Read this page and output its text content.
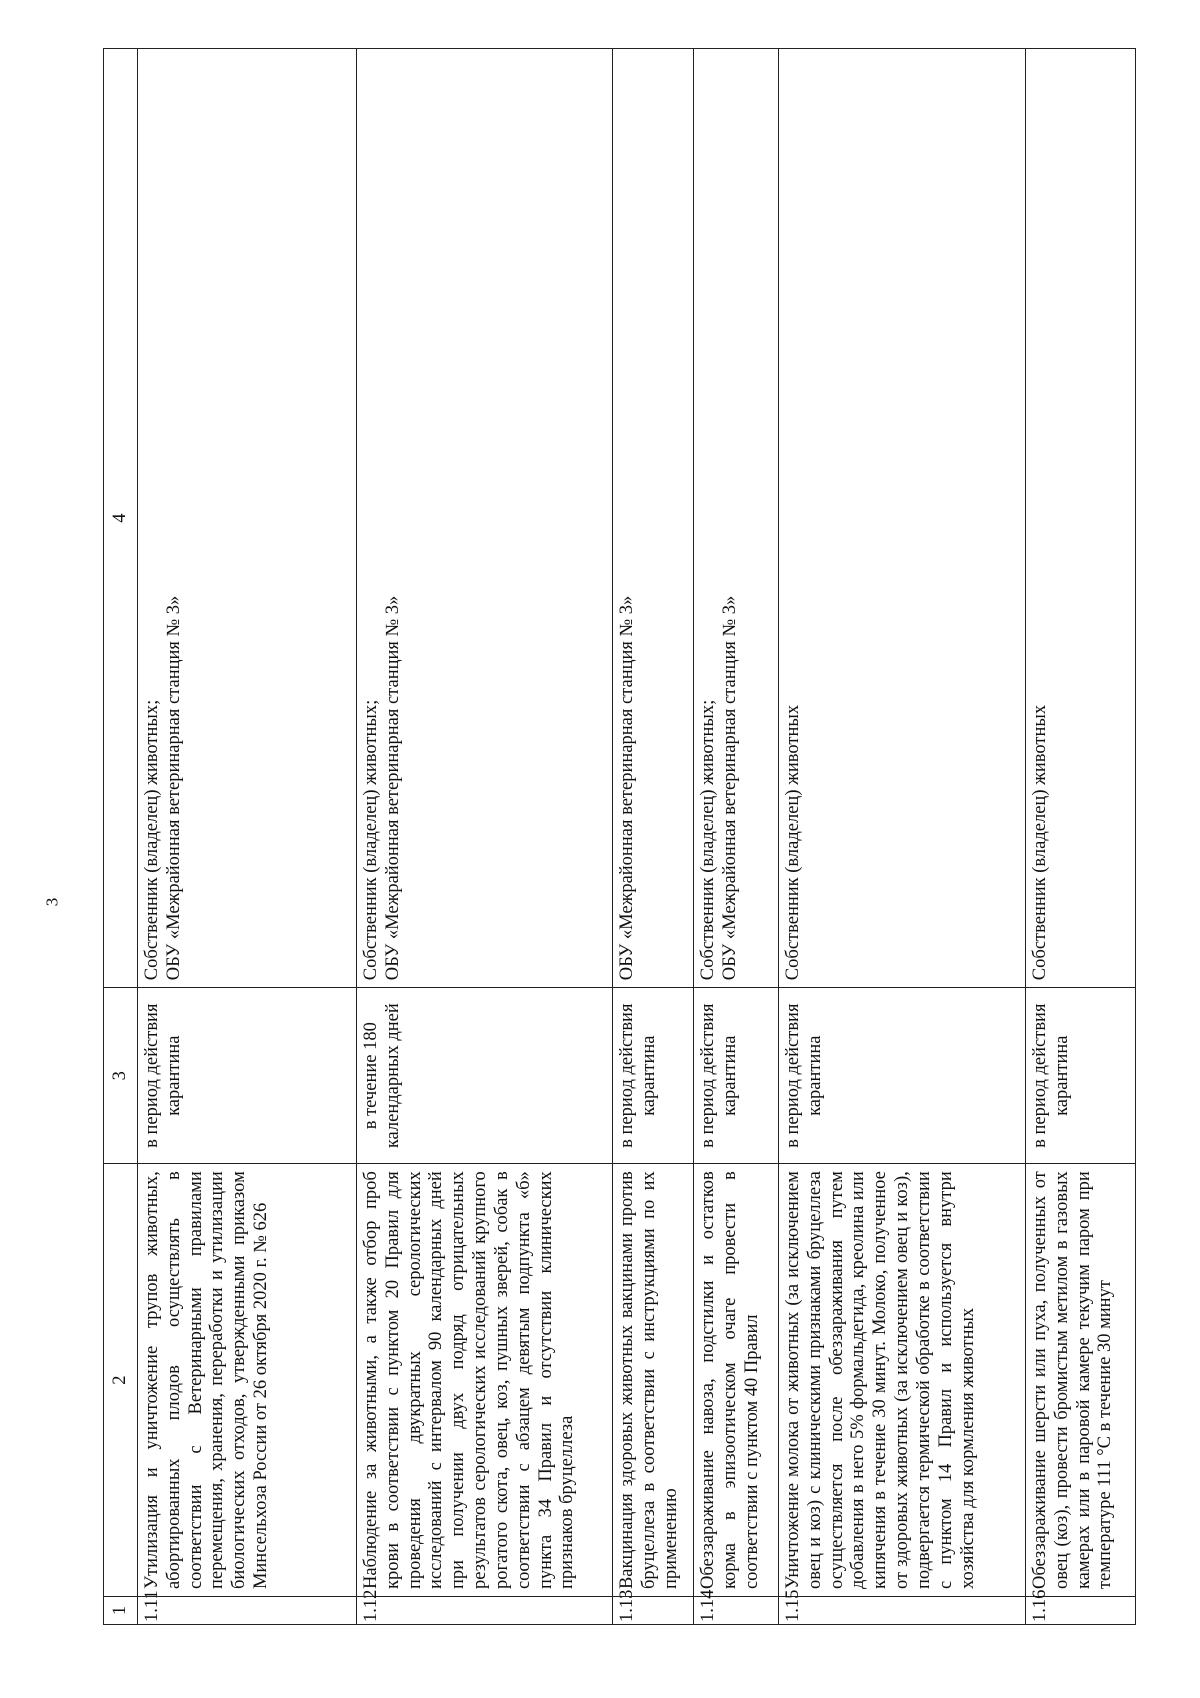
3
1	2	3	4
1.11	Утилизация и уничтожение трупов животных, абортированных плодов осуществлять в соответствии с Ветеринарными правилами перемещения, хранения, переработки и утилизации биологических отходов, утвержденными приказом Минсельхоза России от 26 октября 2020 г. № 626	в период действия карантина	Собственник (владелец) животных; ОБУ «Межрайонная ветеринарная станция № 3»

1.12	Наблюдение за животными, а также отбор проб крови в соответствии с пунктом 20 Правил для проведения двукратных серологических исследований с интервалом 90 календарных дней при получении двух подряд отрицательных результатов серологических исследований крупного рогатого скота, овец, коз, пушных зверей, собак в соответствии с абзацем девятым подпункта «б» пункта 34 Правил и отсутствии клинических признаков бруцеллеза	в течение 180 календарных дней	Собственник (владелец) животных; ОБУ «Межрайонная ветеринарная станция № 3»

1.13	Вакцинация здоровых животных вакцинами против бруцеллеза в соответствии с инструкциями по их применению	в период действия карантина	ОБУ «Межрайонная ветеринарная станция № 3»

1.14	Обеззараживание навоза, подстилки и остатков корма в эпизоотическом очаге провести в соответствии с пунктом 40 Правил	в период действия карантина	Собственник (владелец) животных; ОБУ «Межрайонная ветеринарная станция № 3»

1.15	Уничтожение молока от животных (за исключением овец и коз) с клиническими признаками бруцеллеза осуществляется после обеззараживания путем добавления в него 5% формальдегида, креолина или кипячения в течение 30 минут. Молоко, полученное от здоровых животных (за исключением овец и коз), подвергается термической обработке в соответствии с пунктом 14 Правил и используется внутри хозяйства для кормления животных	в период действия карантина	Собственник (владелец) животных

1.16	Обеззараживание шерсти или пуха, полученных от овец (коз), провести бромистым метилом в газовых камерах или в паровой камере текучим паром при температуре 111 °С в течение 30 минут	в период действия карантина	Собственник (владелец) животных
